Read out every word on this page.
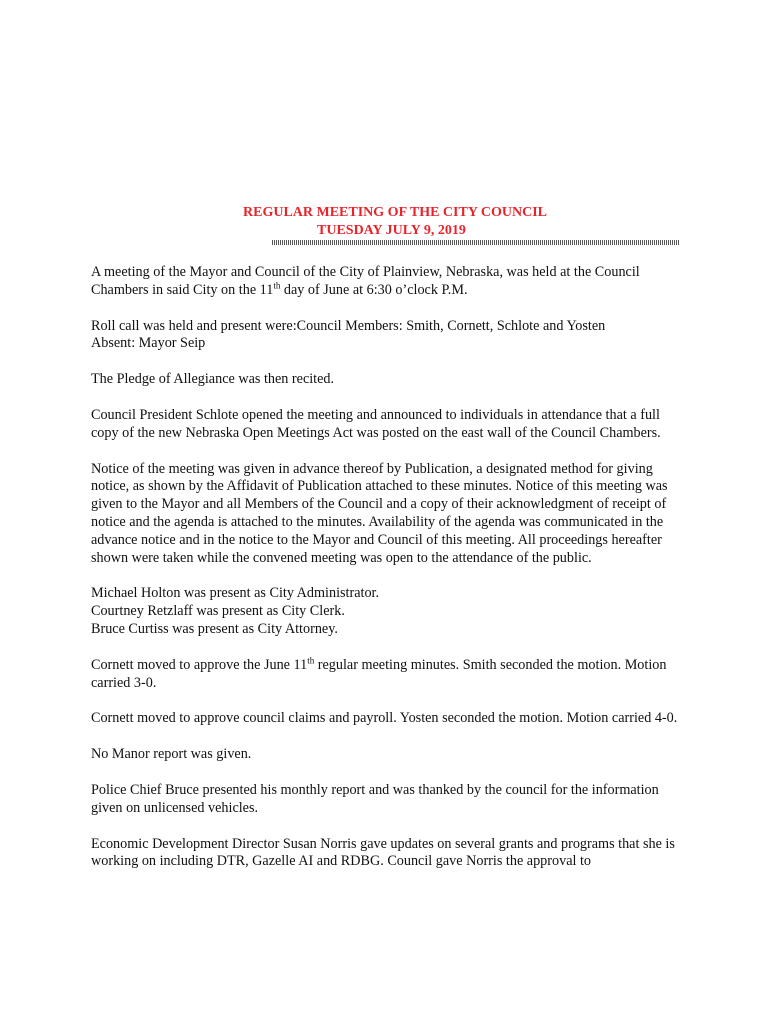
REGULAR MEETING OF THE CITY COUNCIL
TUESDAY JULY 9, 2019

A meeting of the Mayor and Council of the City of Plainview, Nebraska, was held at the Council Chambers in said City on the 11th day of June at 6:30 o’clock P.M.

Roll call was held and present were:Council Members: Smith, Cornett, Schlote and Yosten
Absent: Mayor Seip

The Pledge of Allegiance was then recited.

Council President Schlote opened the meeting and announced to individuals in attendance that a full copy of the new Nebraska Open Meetings Act was posted on the east wall of the Council Chambers.

Notice of the meeting was given in advance thereof by Publication, a designated method for giving notice, as shown by the Affidavit of Publication attached to these minutes. Notice of this meeting was given to the Mayor and all Members of the Council and a copy of their acknowledgment of receipt of notice and the agenda is attached to the minutes. Availability of the agenda was communicated in the advance notice and in the notice to the Mayor and Council of this meeting. All proceedings hereafter shown were taken while the convened meeting was open to the attendance of the public.

Michael Holton was present as City Administrator.
Courtney Retzlaff was present as City Clerk.
Bruce Curtiss was present as City Attorney.

Cornett moved to approve the June 11th regular meeting minutes. Smith seconded the motion. Motion carried 3-0.

Cornett moved to approve council claims and payroll. Yosten seconded the motion. Motion carried 4-0.

No Manor report was given.

Police Chief Bruce presented his monthly report and was thanked by the council for the information given on unlicensed vehicles.

Economic Development Director Susan Norris gave updates on several grants and programs that she is working on including DTR, Gazelle AI and RDBG. Council gave Norris the approval to
